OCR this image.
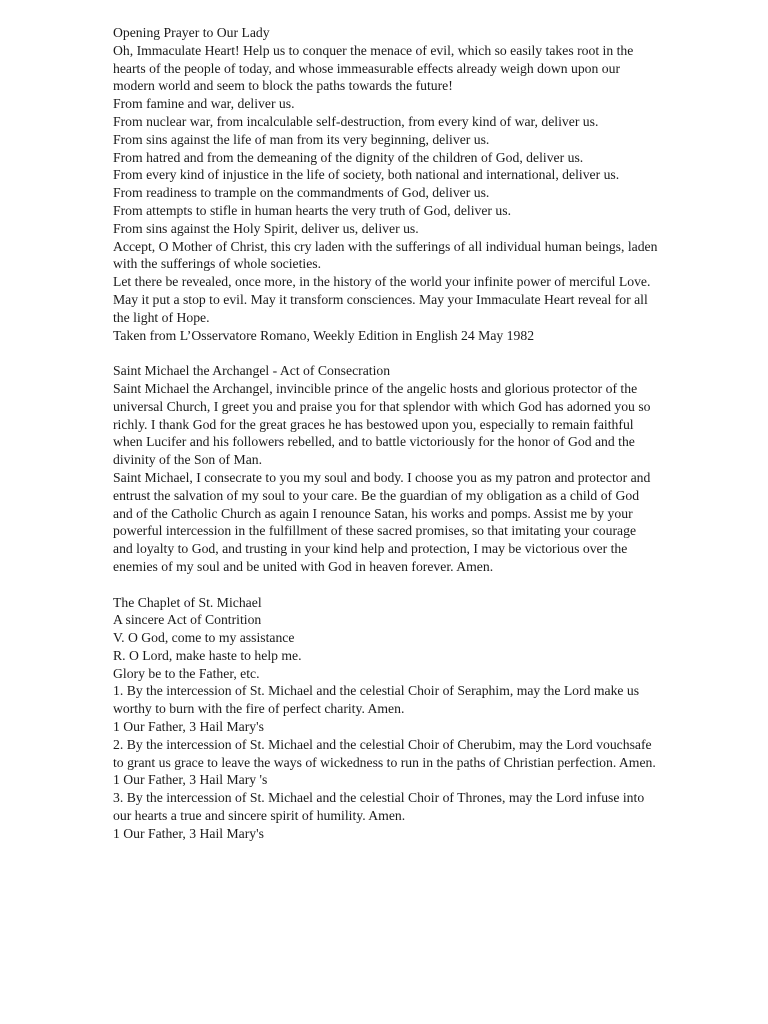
Opening Prayer to Our Lady

Oh, Immaculate Heart! Help us to conquer the menace of evil, which so easily takes root in the hearts of the people of today, and whose immeasurable effects already weigh down upon our modern world and seem to block the paths towards the future!

From famine and war, deliver us.

From nuclear war, from incalculable self-destruction, from every kind of war, deliver us.

From sins against the life of man from its very beginning, deliver us.

From hatred and from the demeaning of the dignity of the children of God, deliver us.

From every kind of injustice in the life of society, both national and international, deliver us.

From readiness to trample on the commandments of God, deliver us.

From attempts to stifle in human hearts the very truth of God, deliver us.

From sins against the Holy Spirit, deliver us, deliver us.

Accept, O Mother of Christ, this cry laden with the sufferings of all individual human beings, laden with the sufferings of whole societies.

Let there be revealed, once more, in the history of the world your infinite power of merciful Love. May it put a stop to evil. May it transform consciences. May your Immaculate Heart reveal for all the light of Hope.

Taken from L’Osservatore Romano, Weekly Edition in English 24 May 1982

Saint Michael the Archangel - Act of Consecration

Saint Michael the Archangel, invincible prince of the angelic hosts and glorious protector of the universal Church, I greet you and praise you for that splendor with which God has adorned you so richly. I thank God for the great graces he has bestowed upon you, especially to remain faithful when Lucifer and his followers rebelled, and to battle victoriously for the honor of God and the divinity of the Son of Man.

Saint Michael, I consecrate to you my soul and body. I choose you as my patron and protector and entrust the salvation of my soul to your care. Be the guardian of my obligation as a child of God and of the Catholic Church as again I renounce Satan, his works and pomps. Assist me by your powerful intercession in the fulfillment of these sacred promises, so that imitating your courage and loyalty to God, and trusting in your kind help and protection, I may be victorious over the enemies of my soul and be united with God in heaven forever. Amen.

The Chaplet of St. Michael

A sincere Act of Contrition

V. O God, come to my assistance

R. O Lord, make haste to help me.

Glory be to the Father, etc.

1. By the intercession of St. Michael and the celestial Choir of Seraphim, may the Lord make us worthy to burn with the fire of perfect charity. Amen.

1 Our Father, 3 Hail Mary's

2. By the intercession of St. Michael and the celestial Choir of Cherubim, may the Lord vouchsafe to grant us grace to leave the ways of wickedness to run in the paths of Christian perfection. Amen.

1 Our Father, 3 Hail Mary 's

3. By the intercession of St. Michael and the celestial Choir of Thrones, may the Lord infuse into our hearts a true and sincere spirit of humility. Amen.

1 Our Father, 3 Hail Mary's
